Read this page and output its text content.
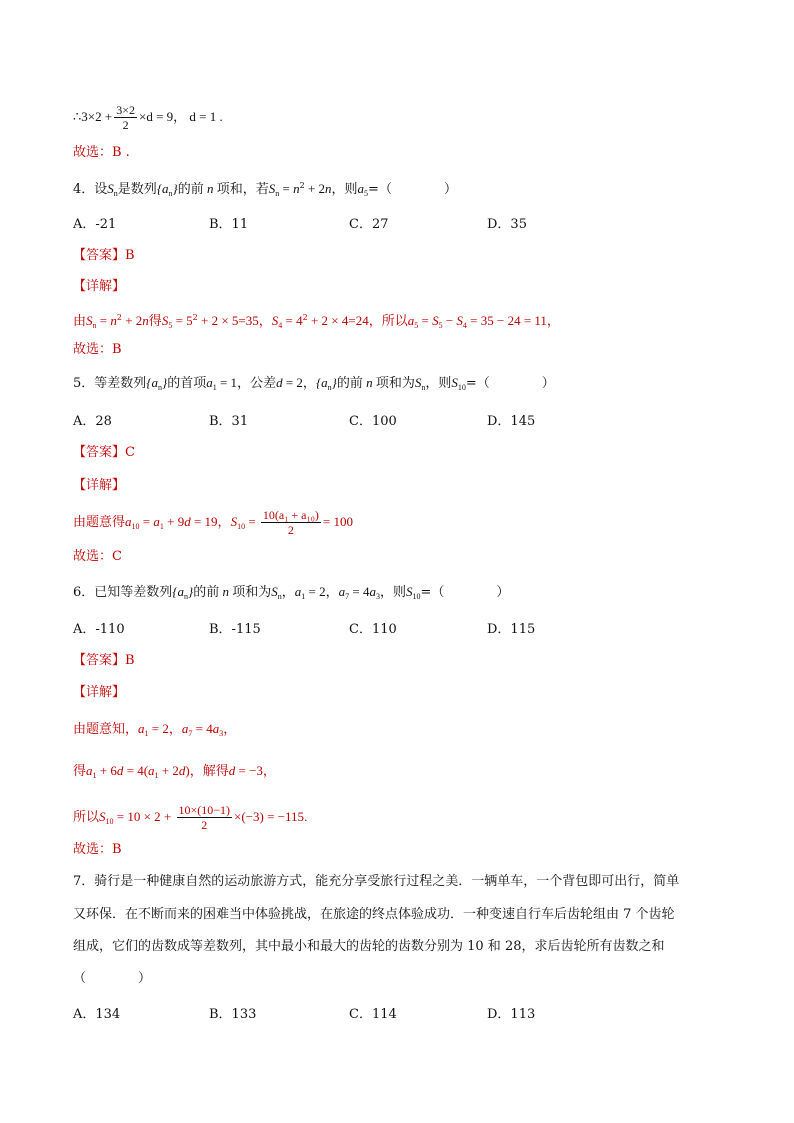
∴3×2 + $\frac{3\times 2}{2} \times d = 9$， d = 1 .
故选：B .
4．设$S_n$是数列$\{a_n\}$的前 n 项和，若$S_n = n^2 + 2n$，则$a_5=$（	）
A．-21	B．11	C．27	D．35
【答案】B
【详解】
由$S_n = n^2 + 2n$得$S_5 = 5^2 + 2 \times 5=35$，$S_4 = 4^2 + 2 \times 4=24$，所以$a_5 = S_5 - S_4 = 35 - 24 = 11$，
故选：B
5．等差数列$\{a_n\}$的首项$a_1 = 1$，公差d = 2，$\{a_n\}$的前 n 项和为$S_n$，则$S_{10}=$（	）
A．28	B．31	C．100	D．145
【答案】C
【详解】
由题意得$a_{10} = a_1 + 9d = 19$，$S_{10} = \frac{\text{10(a₁ + a₁₀)}}{2} = 100$
故选：C
6．已知等差数列$\{a_n\}$的前 n 项和为$S_n$，$a_1 = 2$，$a_7 = 4a_3$，则$S_{10}=$（	）
A．-110	B．-115	C．110	D．115
【答案】B
【详解】
由题意知，$a_1 = 2$，$a_7 = 4a_3$，
得$a_1 + 6d = 4(a_1 + 2d)$，解得d = −3，
所以$S_{10} = 10 \times 2 + \frac{10\times(10-1)}{2} \times(-3) = -115$.
故选：B
7．骑行是一种健康自然的运动旅游方式，能充分享受旅行过程之美．一辆单车，一个背包即可出行，简单
又环保．在不断而来的困难当中体验挑战，在旅途的终点体验成功．一种变速自行车后齿轮组由 7 个齿轮
组成，它们的齿数成等差数列，其中最小和最大的齿轮的齿数分别为 10 和 28，求后齿轮所有齿数之和
（	）
A．134	B．133	C．114	D．113
